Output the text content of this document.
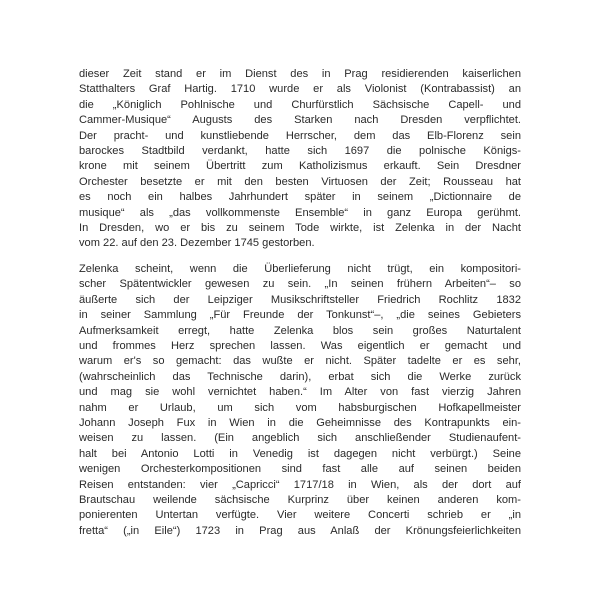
dieser Zeit stand er im Dienst des in Prag residierenden kaiserlichen
Statthalters Graf Hartig. 1710 wurde er als Violonist (Kontrabassist) an
die „Königlich Pohlnische und Churfürstlich Sächsische Capell- und
Cammer-Musique“ Augusts des Starken nach Dresden verpflichtet.
Der pracht- und kunstliebende Herrscher, dem das Elb-Florenz sein
barockes Stadtbild verdankt, hatte sich 1697 die polnische Königs-
krone mit seinem Übertritt zum Katholizismus erkauft. Sein Dresdner
Orchester besetzte er mit den besten Virtuosen der Zeit; Rousseau hat
es noch ein halbes Jahrhundert später in seinem „Dictionnaire de
musique“ als „das vollkommenste Ensemble“ in ganz Europa gerühmt.
In Dresden, wo er bis zu seinem Tode wirkte, ist Zelenka in der Nacht
vom 22. auf den 23. Dezember 1745 gestorben.
Zelenka scheint, wenn die Überlieferung nicht trügt, ein kompositori-
scher Spätentwickler gewesen zu sein. „In seinen frühern Arbeiten“– so
äußerte sich der Leipziger Musikschriftsteller Friedrich Rochlitz 1832
in seiner Sammlung „Für Freunde der Tonkunst“–, „die seines Gebieters
Aufmerksamkeit erregt, hatte Zelenka blos sein großes Naturtalent
und frommes Herz sprechen lassen. Was eigentlich er gemacht und
warum er's so gemacht: das wußte er nicht. Später tadelte er es sehr,
(wahrscheinlich das Technische darin), erbat sich die Werke zurück
und mag sie wohl vernichtet haben.“ Im Alter von fast vierzig Jahren
nahm er Urlaub, um sich vom habsburgischen Hofkapellmeister
Johann Joseph Fux in Wien in die Geheimnisse des Kontrapunkts ein-
weisen zu lassen. (Ein angeblich sich anschließender Studienaufent-
halt bei Antonio Lotti in Venedig ist dagegen nicht verbürgt.) Seine
wenigen Orchesterkompositionen sind fast alle auf seinen beiden
Reisen entstanden: vier „Capricci“ 1717/18 in Wien, als der dort auf
Brautschau weilende sächsische Kurprinz über keinen anderen kom-
ponierenten Untertan verfügte. Vier weitere Concerti schrieb er „in
fretta“ („in Eile“) 1723 in Prag aus Anlaß der Krönungsfeierlichkeiten
